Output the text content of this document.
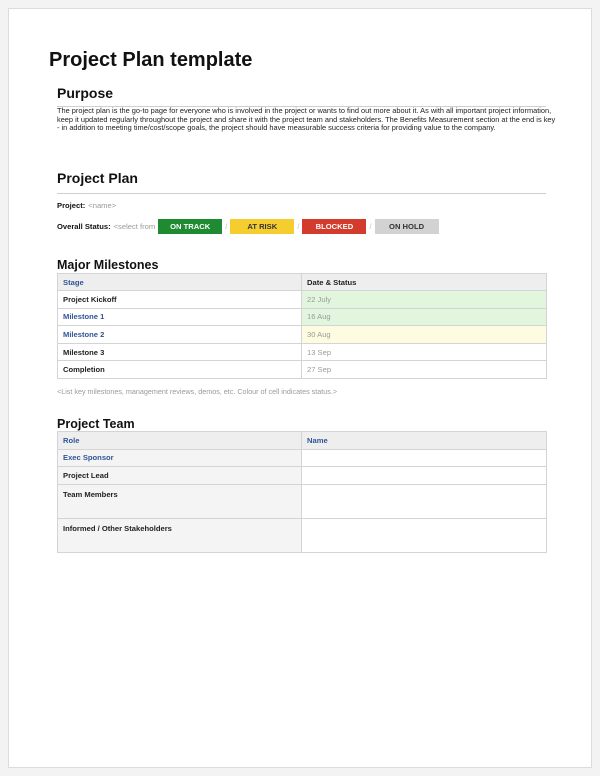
Project Plan template
Purpose
The project plan is the go-to page for everyone who is involved in the project or wants to find out more about it. As with all important project information, keep it updated regularly throughout the project and share it with the project team and stakeholders. The Benefits Measurement section at the end is key - in addition to meeting time/cost/scope goals, the project should have measurable success criteria for providing value to the company.
Project Plan
Project: <name>
Overall Status: <select from	ON TRACK	/	AT RISK	/	BLOCKED	/	ON HOLD
Major Milestones
Stage	Date & Status
Project Kickoff	22 July
Milestone 1	16 Aug
Milestone 2	30 Aug
Milestone 3	13 Sep
Completion	27 Sep
<List key milestones, management reviews, demos, etc. Colour of cell indicates status.>
Project Team
Role	Name
Exec Sponsor	
Project Lead	
Team Members	
Informed / Other Stakeholders	
